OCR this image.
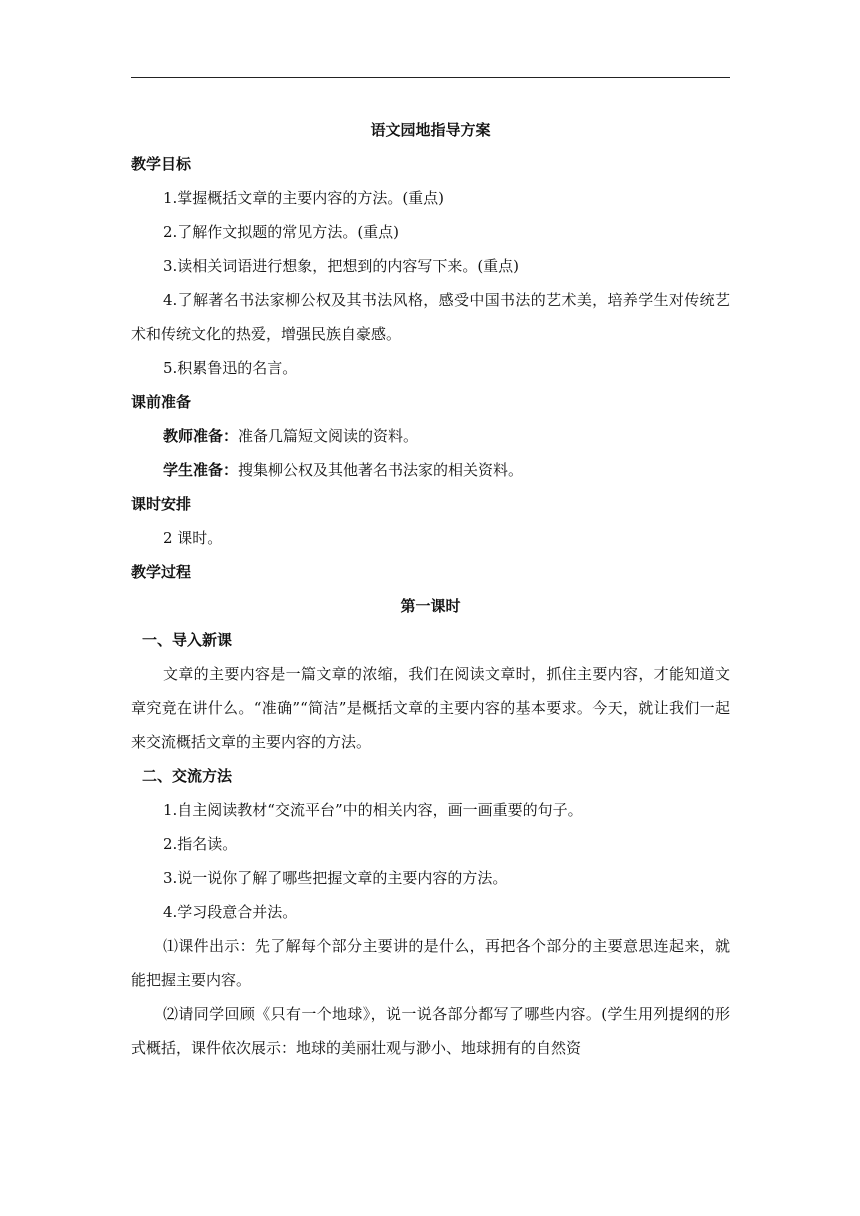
语文园地指导方案
教学目标
1.掌握概括文章的主要内容的方法。(重点)
2.了解作文拟题的常见方法。(重点)
3.读相关词语进行想象，把想到的内容写下来。(重点)

4.了解著名书法家柳公权及其书法风格，感受中国书法的艺术美，培养学生对传统艺术和传统文化的热爱，增强民族自豪感。

5.积累鲁迅的名言。
课前准备
教师准备：准备几篇短文阅读的资料。
学生准备：搜集柳公权及其他著名书法家的相关资料。
课时安排
2 课时。
教学过程
第一课时
一、导入新课

文章的主要内容是一篇文章的浓缩，我们在阅读文章时，抓住主要内容，才能知道文章究竟在讲什么。“准确”“简洁”是概括文章的主要内容的基本要求。今天，就让我们一起来交流概括文章的主要内容的方法。

二、交流方法
1.自主阅读教材“交流平台”中的相关内容，画一画重要的句子。
2.指名读。
3.说一说你了解了哪些把握文章的主要内容的方法。
4.学习段意合并法。

⑴课件出示：先了解每个部分主要讲的是什么，再把各个部分的主要意思连起来，就能把握主要内容。

⑵请同学回顾《只有一个地球》，说一说各部分都写了哪些内容。(学生用列提纲的形式概括，课件依次展示：地球的美丽壮观与渺小、地球拥有的自然资
